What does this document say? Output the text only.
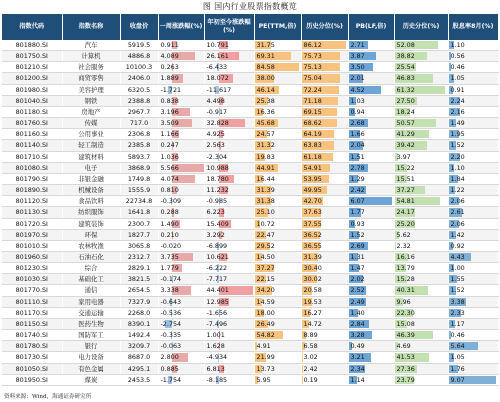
图 国内行业股票指数概览
指数代码	指数名称	收盘价	一周涨跌幅(%)	年初至今涨跌幅(%)	PE(TTM,倍)	历史分位(%)	PB(LF,倍)	历史分位(%)	股息率8月(%)
801880.SI	汽车	5919.5	0.911	10.791	31.75	86.12	2.71	52.08	1.10
801750.SI	计算机	4886.8	4.089	26.161	69.31	75.73	3.87	38.82	0.56
801210.SI	社会服务	10100.3	0.263	-6.433	84.58	75.13	3.50	25.54	0.46
801200.SI	商贸零售	2406.0	1.889	18.072	38.00	75.04	2.01	46.83	1.05
801980.SI	美容护理	6320.5	-1.721	-11.617	46.14	72.24	4.52	61.32	0.91
801040.SI	钢铁	2388.8	0.838	4.498	25.38	71.18	1.03	27.50	2.24
801180.SI	房地产	2967.7	3.196	-0.917	16.36	69.15	0.94	18.24	2.16
801760.SI	传媒	717.0	3.509	32.828	45.68	68.62	2.68	50.57	1.49
801160.SI	公用事业	2306.8	1.166	4.925	24.57	64.19	1.66	41.29	1.95
801140.SI	轻工制造	2385.8	0.247	2.563	31.32	63.83	2.04	39.42	1.52
801710.SI	建筑材料	5893.7	1.036	-2.304	19.83	61.18	1.51	3.97	2.20
801080.SI	电子	3868.9	5.566	10.988	44.91	54.91	2.78	15.22	1.10
801790.SI	非银金融	1749.8	4.074	18.780	16.44	53.95	1.29	15.51	1.84
801890.SI	机械设备	1555.9	0.810	11.232	31.39	49.95	2.42	37.27	1.22
801120.SI	食品饮料	22734.8	-0.309	-0.985	31.38	42.70	6.07	54.81	2.06
801130.SI	纺织服饰	1641.8	0.288	6.223	25.10	37.63	1.77	24.17	2.61
801720.SI	建筑装饰	2300.7	1.490	15.409	10.72	37.55	0.93	25.20	2.06
801970.SI	环保	1827.7	0.210	3.292	22.47	36.52	1.52	5.62	1.42
801010.SI	农林牧渔	3065.8	-0.020	-6.899	29.52	36.55	2.69	2.32	0.92
801960.SI	石油石化	2312.7	3.735	10.621	14.50	31.39	1.31	16.16	4.43
801230.SI	综合	2829.1	1.779	-6.222	37.27	30.40	1.47	13.79	1.00
801030.SI	基础化工	3821.5	-0.174	-7.717	22.15	30.02	2.02	15.28	1.55
801770.SI	通信	2654.5	3.338	44.401	34.20	20.58	2.52	40.31	1.52
801110.SI	家用电器	7327.9	-0.643	12.985	14.59	19.53	2.49	9.96	3.38
801170.SI	交通运输	2268.0	-0.536	-1.656	18.00	16.27	1.40	22.30	2.33
801150.SI	医药生物	8390.1	-2.754	-7.496	26.49	14.72	2.84	15.08	1.17
801740.SI	国防军工	1492.4	-0.335	1.001	54.82	8.89	3.28	46.39	0.46
801780.SI	银行	3209.7	-0.063	1.628	4.91	6.58	0.49	4.69	5.64
801730.SI	电力设备	8687.0	2.800	-4.934	21.99	3.02	3.21	41.53	1.05
801050.SI	有色金属	4295.1	0.885	6.813	13.73	2.42	2.34	27.36	1.76
801950.SI	煤炭	2453.5	-1.754	-8.185	5.95	0.19	1.14	23.79	9.07
资料来源：Wind，海通证券研究所
